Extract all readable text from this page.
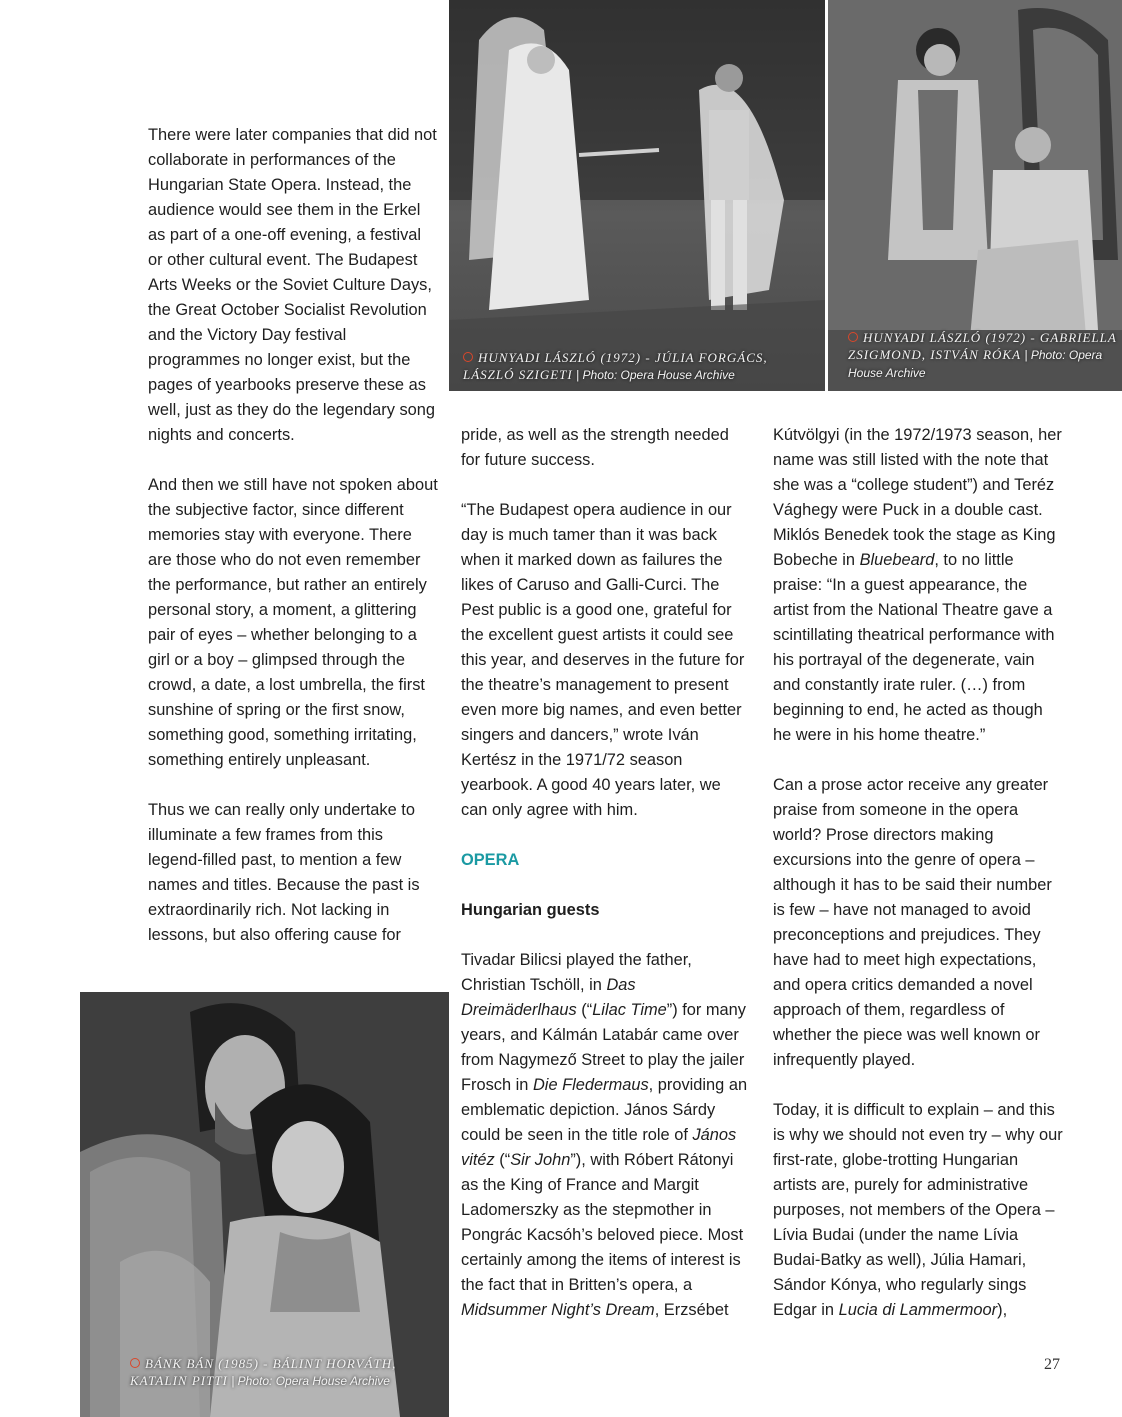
HUNYADI LÁSZLÓ (1972) - JÚLIA FORGÁCS, LÁSZLÓ SZIGETI | Photo: Opera House Archive
HUNYADI LÁSZLÓ (1972) - GABRIELLA ZSIGMOND, ISTVÁN RÓKA | Photo: Opera House Archive
BÁNK BÁN (1985) - BÁLINT HORVÁTH, KATALIN PITTI | Photo: Opera House Archive

There were later companies that did not collaborate in performances of the Hungarian State Opera. Instead, the audience would see them in the Erkel as part of a one-off evening, a festival or other cultural event. The Budapest Arts Weeks or the Soviet Culture Days, the Great October Socialist Revolution and the Victory Day festival programmes no longer exist, but the pages of yearbooks preserve these as well, just as they do the legendary song nights and concerts.

And then we still have not spoken about the subjective factor, since different memories stay with everyone. There are those who do not even remember the performance, but rather an entirely personal story, a moment, a glittering pair of eyes – whether belonging to a girl or a boy – glimpsed through the crowd, a date, a lost umbrella, the first sunshine of spring or the first snow, something good, something irritating, something entirely unpleasant.

Thus we can really only undertake to illuminate a few frames from this legend-filled past, to mention a few names and titles. Because the past is extraordinarily rich. Not lacking in lessons, but also offering cause for

pride, as well as the strength needed for future success.

“The Budapest opera audience in our day is much tamer than it was back when it marked down as failures the likes of Caruso and Galli-Curci. The Pest public is a good one, grateful for the excellent guest artists it could see this year, and deserves in the future for the theatre’s management to present even more big names, and even better singers and dancers,” wrote Iván Kertész in the 1971/72 season yearbook. A good 40 years later, we can only agree with him.

OPERA
Hungarian guests

Tivadar Bilicsi played the father, Christian Tschöll, in Das Dreimäderlhaus (“Lilac Time”) for many years, and Kálmán Latabár came over from Nagymező Street to play the jailer Frosch in Die Fledermaus, providing an emblematic depiction. János Sárdy could be seen in the title role of János vitéz (“Sir John”), with Róbert Rátonyi as the King of France and Margit Ladomerszky as the stepmother in Pongrác Kacsóh’s beloved piece. Most certainly among the items of interest is the fact that in Britten’s opera, a Midsummer Night’s Dream, Erzsébet

Kútvölgyi (in the 1972/1973 season, her name was still listed with the note that she was a “college student”) and Teréz Vághegy were Puck in a double cast. Miklós Benedek took the stage as King Bobeche in Bluebeard, to no little praise: “In a guest appearance, the artist from the National Theatre gave a scintillating theatrical performance with his portrayal of the degenerate, vain and constantly irate ruler. (…) from beginning to end, he acted as though he were in his home theatre.”

Can a prose actor receive any greater praise from someone in the opera world? Prose directors making excursions into the genre of opera – although it has to be said their number is few – have not managed to avoid preconceptions and prejudices. They have had to meet high expectations, and opera critics demanded a novel approach of them, regardless of whether the piece was well known or infrequently played.

Today, it is difficult to explain – and this is why we should not even try – why our first-rate, globe-trotting Hungarian artists are, purely for administrative purposes, not members of the Opera – Lívia Budai (under the name Lívia Budai-Batky as well), Júlia Hamari, Sándor Kónya, who regularly sings Edgar in Lucia di Lammermoor),

27
